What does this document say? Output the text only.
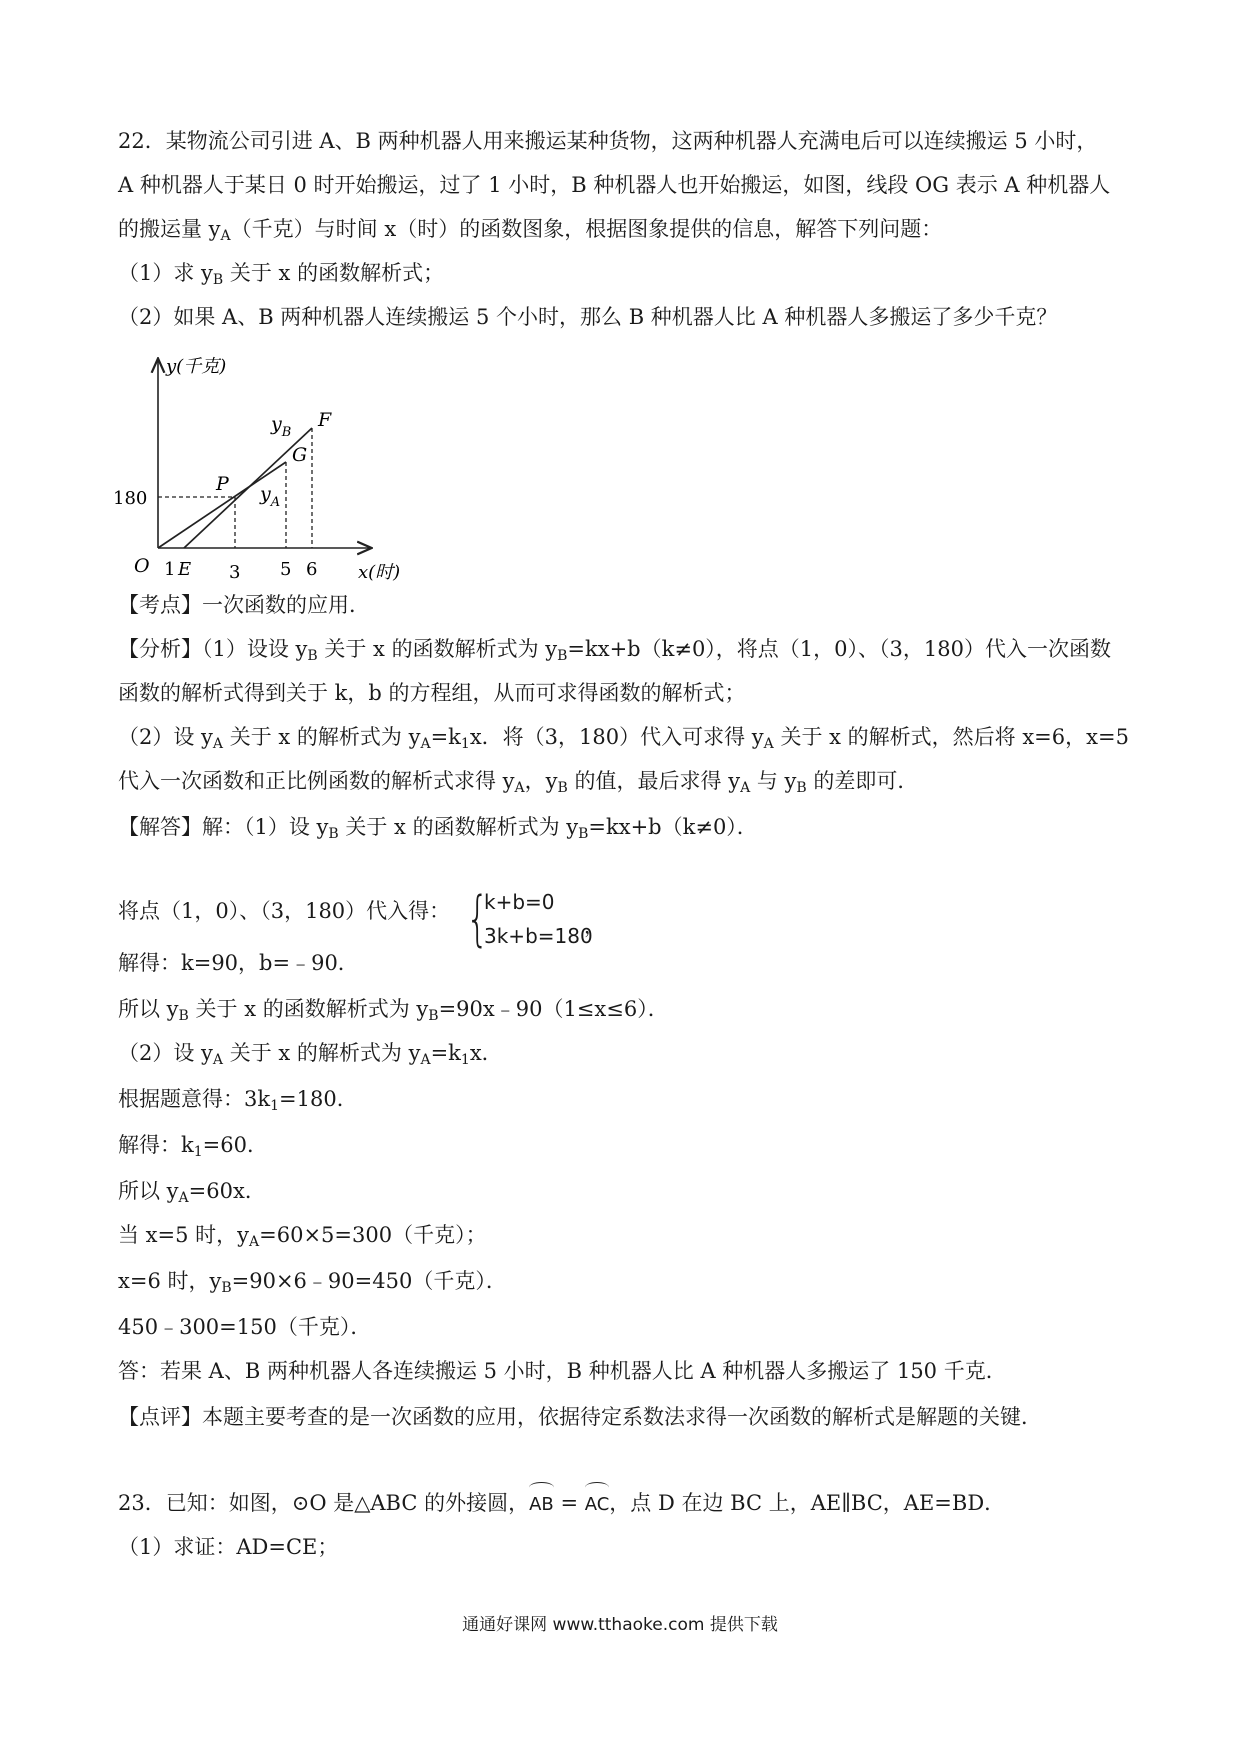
22．某物流公司引进 A、B 两种机器人用来搬运某种货物，这两种机器人充满电后可以连续搬运 5 小时，
A 种机器人于某日 0 时开始搬运，过了 1 小时，B 种机器人也开始搬运，如图，线段 OG 表示 A 种机器人
的搬运量 $y_A$（千克）与时间 x（时）的函数图象，根据图象提供的信息，解答下列问题：
（1）求 $y_B$ 关于 x 的函数解析式；
（2）如果 A、B 两种机器人连续搬运 5 个小时，那么 B 种机器人比 A 种机器人多搬运了多少千克？
y(千克)
x(时)
O
180
1 E 3 5 6
P
G
F
$y_B$
$y_A$
【考点】一次函数的应用．
【分析】（1）设设 $y_B$ 关于 x 的函数解析式为 $y_B=kx+b(k\ne 0)$，将点（1，0）、（3，180）代入一次函数
函数的解析式得到关于 k，b 的方程组，从而可求得函数的解析式；
（2）设 $y_A$ 关于 x 的解析式为 $y_A=k_1x$．将（3，180）代入可求得 $y_A$ 关于 x 的解析式，然后将 x=6，x=5
代入一次函数和正比例函数的解析式求得 $y_A$，$y_B$ 的值，最后求得 $y_A$ 与 $y_B$ 的差即可．
【解答】解：（1）设 $y_B$ 关于 x 的函数解析式为 $y_B=kx+b(k\ne 0)$．
将点（1，0）、（3，180）代入得： {
k+b=0
3k+b=180
，
解得：k=90，b=﹣90．
所以 $y_B$ 关于 x 的函数解析式为 $y_B=90x﹣90(1\le x\le 6)$．
（2）设 $y_A$ 关于 x 的解析式为 $y_A=k_1x$．
根据题意得：$3k_1=180$．
解得：$k_1=60$．
所以 $y_A=60x$．
当 x=5 时，$y_A=60\times 5=300$（千克）；
x=6 时，$y_B=90\times 6﹣90=450$（千克）．
450﹣300=150（千克）．
答：若果 A、B 两种机器人各连续搬运 5 小时，B 种机器人比 A 种机器人多搬运了 150 千克．
【点评】本题主要考查的是一次函数的应用，依据待定系数法求得一次函数的解析式是解题的关键．
23．已知：如图，⊙O 是△ABC 的外接圆，AB = AC，点 D 在边 BC 上，AE∥BC，AE=BD．
（1）求证：AD=CE；
通通好课网 www.tthaoke.com 提供下载
